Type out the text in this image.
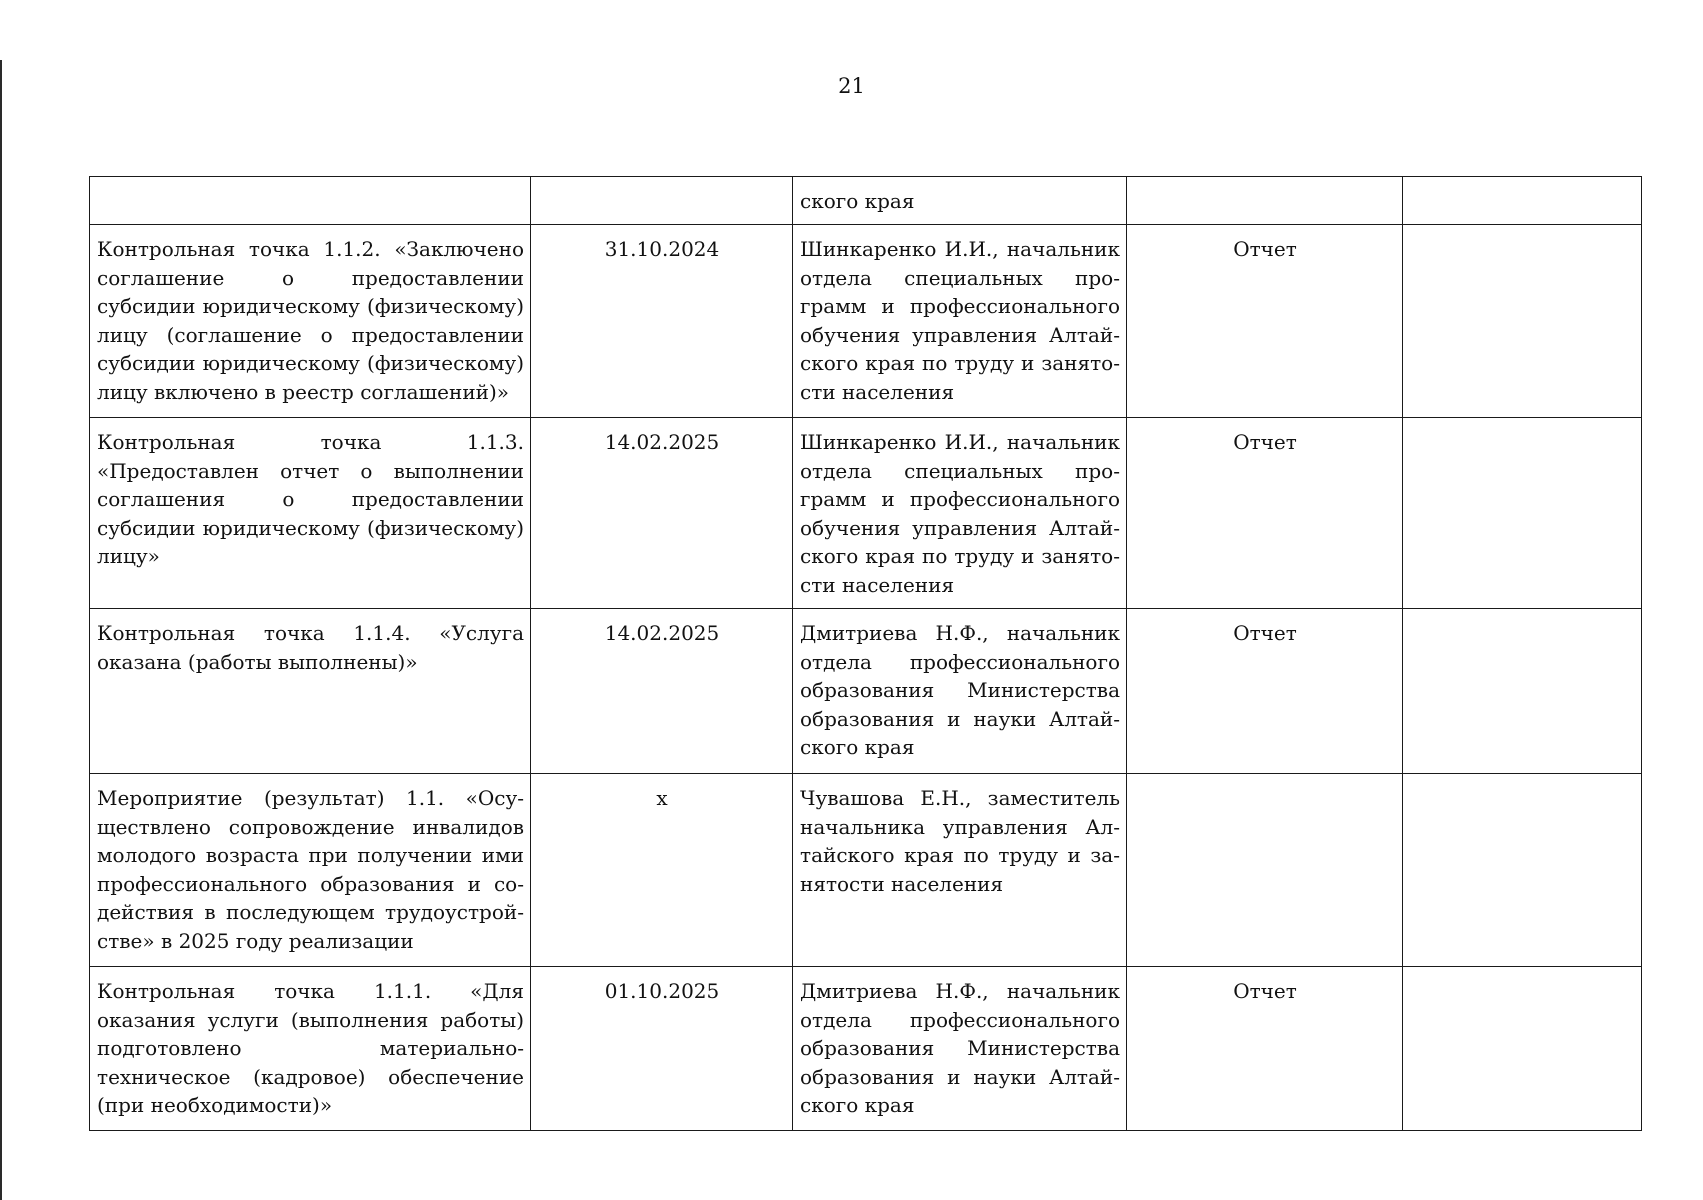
21

		ского края		

Контрольная точка 1.1.2. «Заключено соглашение о предоставлении субсидии юридическому (физическому) лицу (соглашение о предоставлении субсидии юридическому (физическому) лицу включено в реестр соглашений)»	31.10.2024	Шинкаренко И.И., начальник отдела специальных программ и профессионального обучения управления Алтайского края по труду и занятости населения	Отчет	

Контрольная точка 1.1.3. «Предоставлен отчет о выполнении соглашения о предоставлении субсидии юридическому (физическому) лицу»	14.02.2025	Шинкаренко И.И., начальник отдела специальных программ и профессионального обучения управления Алтайского края по труду и занятости населения	Отчет	

Контрольная точка 1.1.4. «Услуга оказана (работы выполнены)»	14.02.2025	Дмитриева Н.Ф., начальник отдела профессионального образования Министерства образования и науки Алтайского края	Отчет	

Мероприятие (результат) 1.1. «Осуществлено сопровождение инвалидов молодого возраста при получении ими профессионального образования и содействия в последующем трудоустройстве» в 2025 году реализации	х	Чувашова Е.Н., заместитель начальника управления Алтайского края по труду и занятости населения		

Контрольная точка 1.1.1. «Для оказания услуги (выполнения работы) подготовлено материально-техническое (кадровое) обеспечение (при необходимости)»	01.10.2025	Дмитриева Н.Ф., начальник отдела профессионального образования Министерства образования и науки Алтайского края	Отчет	
